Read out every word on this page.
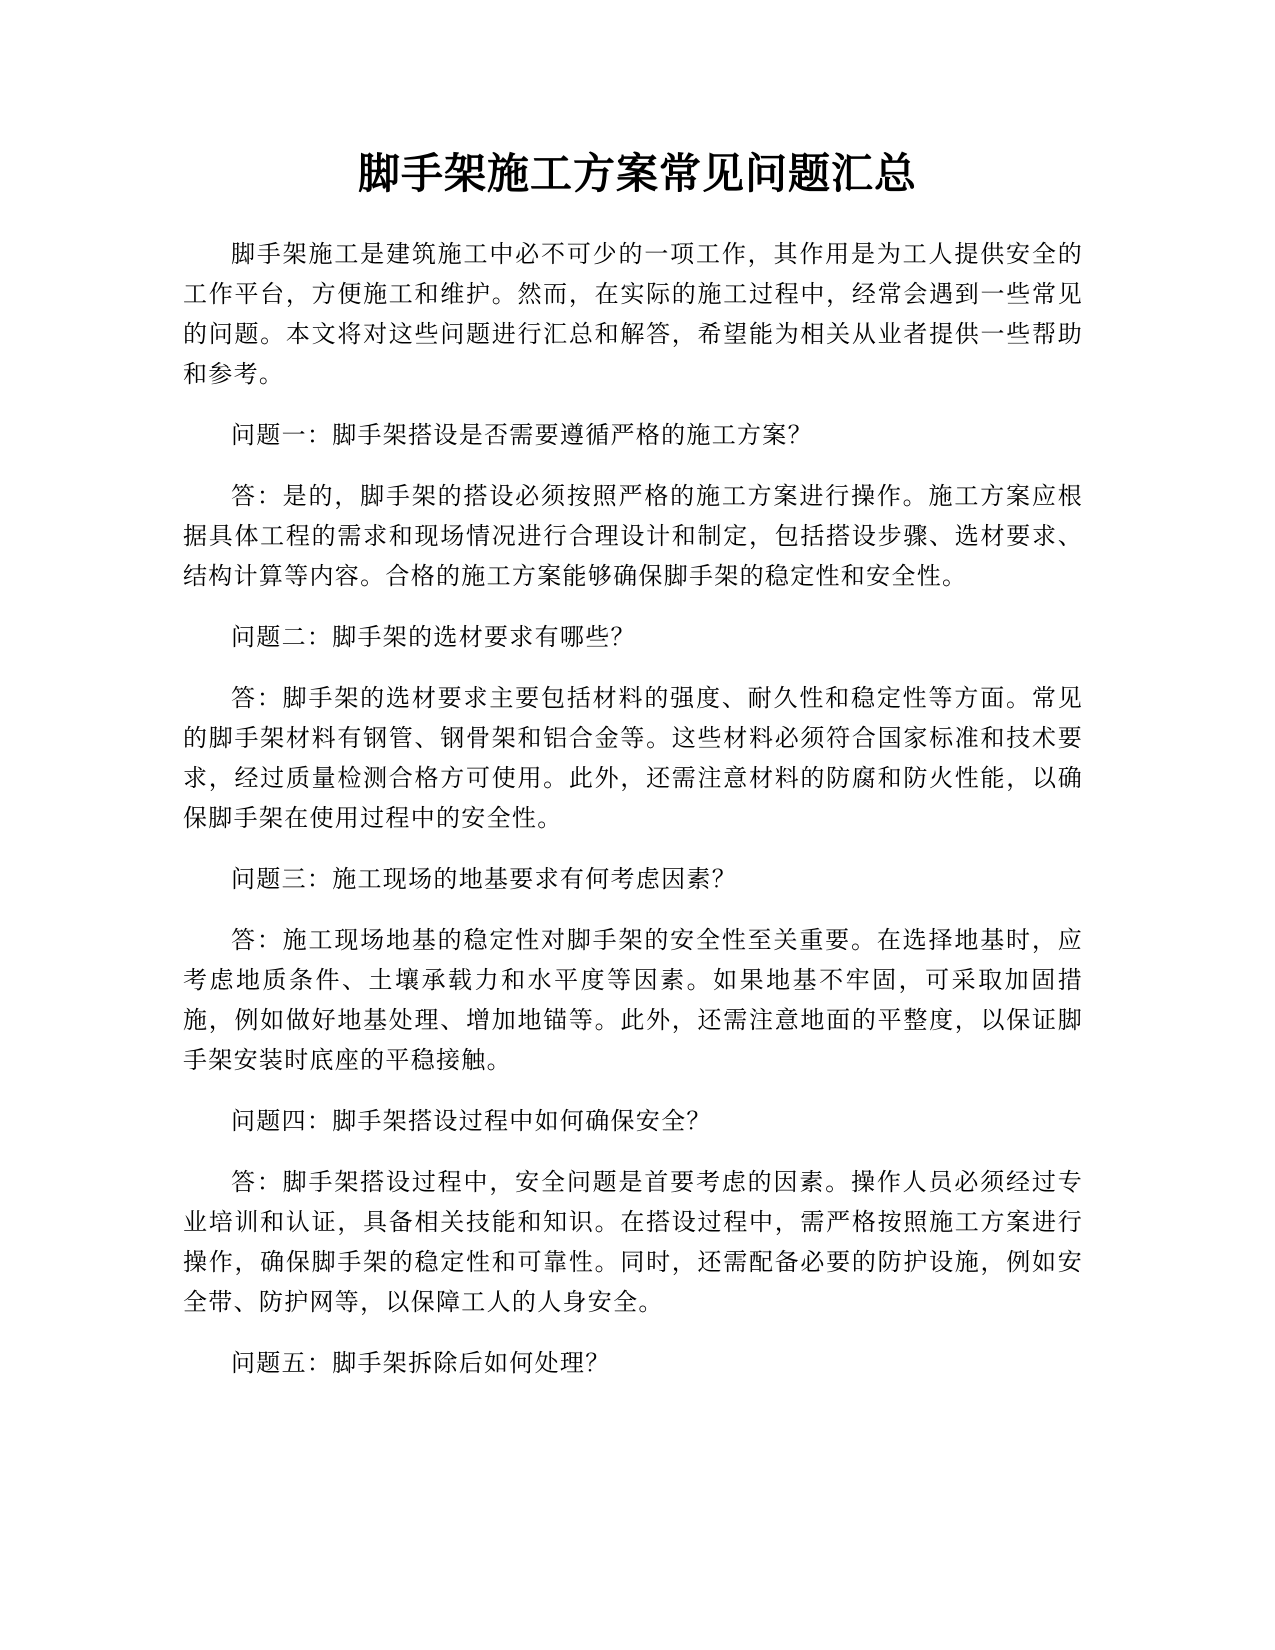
脚手架施工方案常见问题汇总

脚手架施工是建筑施工中必不可少的一项工作，其作用是为工人提供安全的工作平台，方便施工和维护。然而，在实际的施工过程中，经常会遇到一些常见的问题。本文将对这些问题进行汇总和解答，希望能为相关从业者提供一些帮助和参考。

问题一：脚手架搭设是否需要遵循严格的施工方案？

答：是的，脚手架的搭设必须按照严格的施工方案进行操作。施工方案应根据具体工程的需求和现场情况进行合理设计和制定，包括搭设步骤、选材要求、结构计算等内容。合格的施工方案能够确保脚手架的稳定性和安全性。

问题二：脚手架的选材要求有哪些？

答：脚手架的选材要求主要包括材料的强度、耐久性和稳定性等方面。常见的脚手架材料有钢管、钢骨架和铝合金等。这些材料必须符合国家标准和技术要求，经过质量检测合格方可使用。此外，还需注意材料的防腐和防火性能，以确保脚手架在使用过程中的安全性。

问题三：施工现场的地基要求有何考虑因素？

答：施工现场地基的稳定性对脚手架的安全性至关重要。在选择地基时，应考虑地质条件、土壤承载力和水平度等因素。如果地基不牢固，可采取加固措施，例如做好地基处理、增加地锚等。此外，还需注意地面的平整度，以保证脚手架安装时底座的平稳接触。

问题四：脚手架搭设过程中如何确保安全？

答：脚手架搭设过程中，安全问题是首要考虑的因素。操作人员必须经过专业培训和认证，具备相关技能和知识。在搭设过程中，需严格按照施工方案进行操作，确保脚手架的稳定性和可靠性。同时，还需配备必要的防护设施，例如安全带、防护网等，以保障工人的人身安全。

问题五：脚手架拆除后如何处理？
